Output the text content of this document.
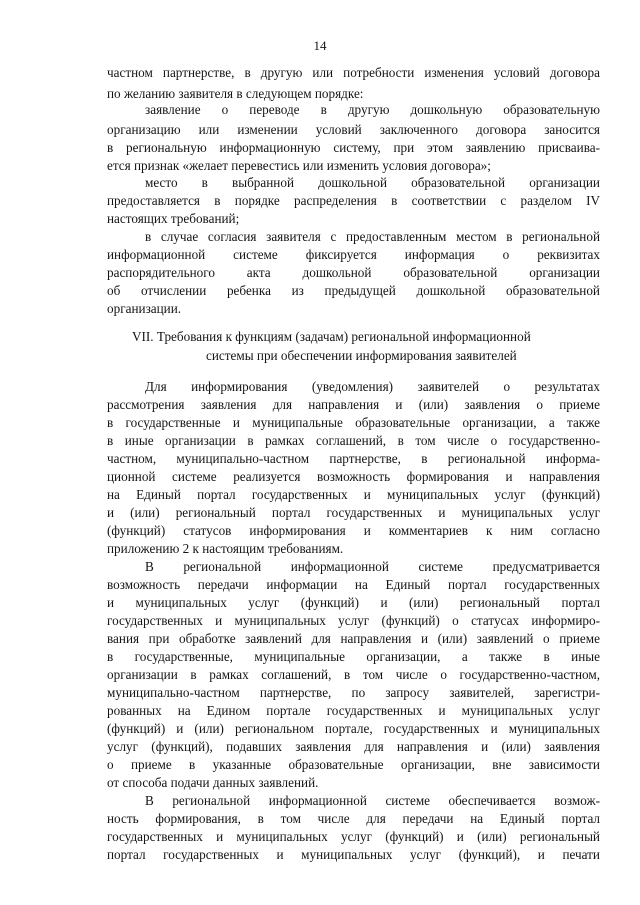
14
частном партнерстве, в другую или потребности изменения условий договора
по желанию заявителя в следующем порядке:
заявление о переводе в другую дошкольную образовательную
организацию или изменении условий заключенного договора заносится
в региональную информационную систему, при этом заявлению присваива-
ется признак «желает перевестись или изменить условия договора»;
место в выбранной дошкольной образовательной организации
предоставляется в порядке распределения в соответствии с разделом IV
настоящих требований;
в случае согласия заявителя с предоставленным местом в региональной
информационной системе фиксируется информация о реквизитах
распорядительного акта дошкольной образовательной организации
об отчислении ребенка из предыдущей дошкольной образовательной
организации.
VII. Требования к функциям (задачам) региональной информационной
системы при обеспечении информирования заявителей
Для информирования (уведомления) заявителей о результатах
рассмотрения заявления для направления и (или) заявления о приеме
в государственные и муниципальные образовательные организации, а также
в иные организации в рамках соглашений, в том числе о государственно-
частном, муниципально-частном партнерстве, в региональной информа-
ционной системе реализуется возможность формирования и направления
на Единый портал государственных и муниципальных услуг (функций)
и (или) региональный портал государственных и муниципальных услуг
(функций) статусов информирования и комментариев к ним согласно
приложению 2 к настоящим требованиям.
В региональной информационной системе предусматривается
возможность передачи информации на Единый портал государственных
и муниципальных услуг (функций) и (или) региональный портал
государственных и муниципальных услуг (функций) о статусах информиро-
вания при обработке заявлений для направления и (или) заявлений о приеме
в государственные, муниципальные организации, а также в иные
организации в рамках соглашений, в том числе о государственно-частном,
муниципально-частном партнерстве, по запросу заявителей, зарегистри-
рованных на Едином портале государственных и муниципальных услуг
(функций) и (или) региональном портале, государственных и муниципальных
услуг (функций), подавших заявления для направления и (или) заявления
о приеме в указанные образовательные организации, вне зависимости
от способа подачи данных заявлений.
В региональной информационной системе обеспечивается возмож-
ность формирования, в том числе для передачи на Единый портал
государственных и муниципальных услуг (функций) и (или) региональный
портал государственных и муниципальных услуг (функций), и печати
